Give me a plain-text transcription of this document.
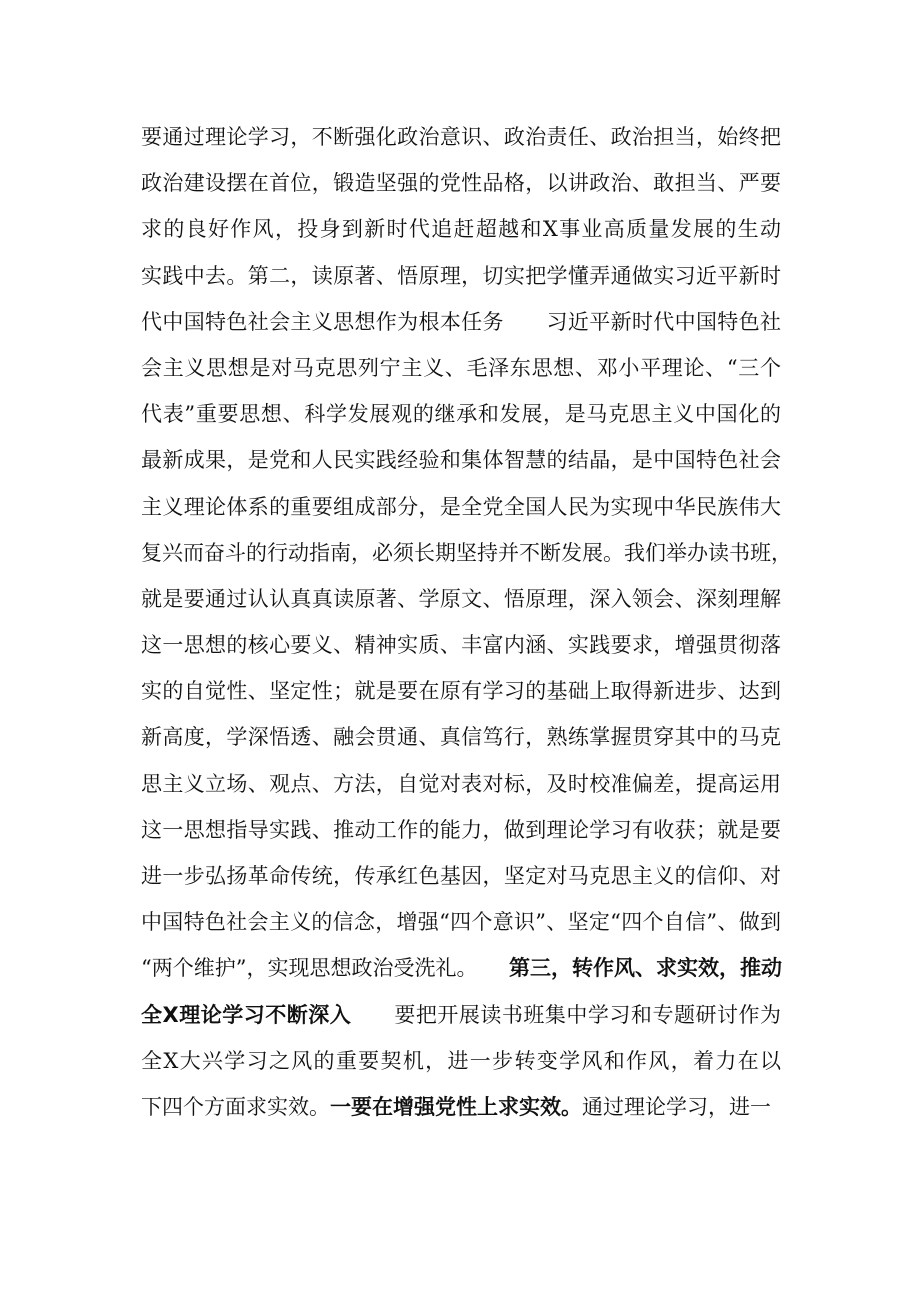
要通过理论学习，不断强化政治意识、政治责任、政治担当，始终把
政治建设摆在首位，锻造坚强的党性品格，以讲政治、敢担当、严要
求的良好作风，投身到新时代追赶超越和X事业高质量发展的生动
实践中去。第二，读原著、悟原理，切实把学懂弄通做实习近平新时
代中国特色社会主义思想作为根本任务　　习近平新时代中国特色社
会主义思想是对马克思列宁主义、毛泽东思想、邓小平理论、“三个
代表”重要思想、科学发展观的继承和发展，是马克思主义中国化的
最新成果，是党和人民实践经验和集体智慧的结晶，是中国特色社会
主义理论体系的重要组成部分，是全党全国人民为实现中华民族伟大
复兴而奋斗的行动指南，必须长期坚持并不断发展。我们举办读书班，
就是要通过认认真真读原著、学原文、悟原理，深入领会、深刻理解
这一思想的核心要义、精神实质、丰富内涵、实践要求，增强贯彻落
实的自觉性、坚定性；就是要在原有学习的基础上取得新进步、达到
新高度，学深悟透、融会贯通、真信笃行，熟练掌握贯穿其中的马克
思主义立场、观点、方法，自觉对表对标，及时校准偏差，提高运用
这一思想指导实践、推动工作的能力，做到理论学习有收获；就是要
进一步弘扬革命传统，传承红色基因，坚定对马克思主义的信仰、对
中国特色社会主义的信念，增强“四个意识”、坚定“四个自信”、做到
“两个维护”，实现思想政治受洗礼。　　第三，转作风、求实效，推动
全X理论学习不断深入　　要把开展读书班集中学习和专题研讨作为
全X大兴学习之风的重要契机，进一步转变学风和作风，着力在以
下四个方面求实效。一要在增强党性上求实效。通过理论学习，进一
